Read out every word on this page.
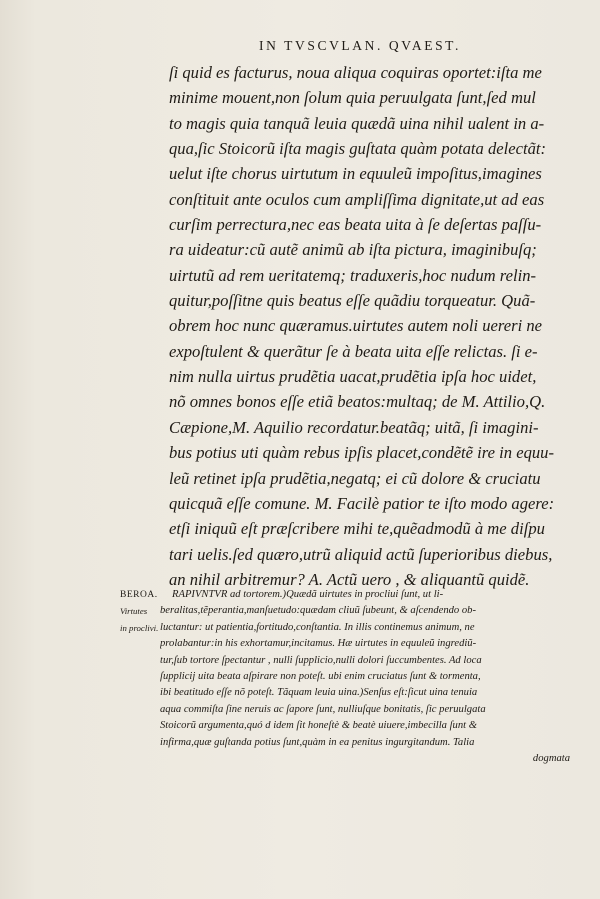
IN TVSCVLAN. QVAEST.
ſi quid es facturus, noua aliqua coquiras oportet:iſta me
minime mouent,non ſolum quia peruulgata ſunt,ſed mul
to magis quia tanquã leuia quædã uina nihil ualent in a-
qua,ſic Stoicorũ iſta magis guſtata quàm potata delectãt:
uelut iſte chorus uirtutum in equuleũ impoſitus,imagines
conſtituit ante oculos cum ampliſſima dignitate,ut ad eas
curſim perrectura,nec eas beata uita à ſe deſertas paſſu-
ra uideatur:cũ autẽ animũ ab iſta pictura, imaginibuſq;
uirtutũ ad rem ueritatemq; traduxeris,hoc nudum relin-
quitur,poſſitne quis beatus eſſe quãdiu torqueatur. Quã-
obrem hoc nunc quæramus.uirtutes autem noli uereri ne
expoſtulent & querãtur ſe à beata uita eſſe relictas. ſi e-
nim nulla uirtus prudẽtia uacat,prudẽtia ipſa hoc uidet,
nõ omnes bonos eſſe etiã beatos:multaq; de M. Attilio,Q.
Cæpione,M. Aquilio recordatur.beatãq; uitã, ſi imagini-
bus potius uti quàm rebus ipſis placet,condẽtẽ ire in equu-
leũ retinet ipſa prudẽtia,negatq; ei cũ dolore & cruciatu
quicquã eſſe comune. M. Facilè patior te iſto modo agere:
etſi iniquũ eſt præſcribere mihi te,quẽadmodũ à me diſpu
tari uelis.ſed quæro,utrũ aliquid actũ ſuperioribus diebus,
an nihil arbitremur? A. Actũ uero , & aliquantũ quidẽ.
BEROA.
Virtutes
in proclivi.
RAPIVNTVR ad tortorem.)Quædã uirtutes in procliui ſunt, ut li-
beralitas,tẽperantia,manſuetudo:quædam cliuũ ſubeunt, & aſcendendo ob-
luctantur: ut patientia,fortitudo,conſtantia. In illis continemus animum, ne
prolabantur:in his exhortamur,incitamus. Hæ uirtutes in equuleũ ingrediũ-
tur,ſub tortore ſpectantur , nulli ſupplicio,nulli dolori ſuccumbentes. Ad loca
ſupplicij uita beata aſpirare non poteſt. ubi enim cruciatus ſunt & tormenta,
ibi beatitudo eſſe nõ poteſt. Tãquam leuia uina.)Senſus eſt:ſicut uina tenuia
aqua commiſta ſine neruis ac ſapore ſunt, nulliuſque bonitatis, ſic peruulgata
Stoicorũ argumenta,quó d idem ſit honeſtè & beatè uiuere,imbecilla ſunt &
infirma,quæ guſtanda potius ſunt,quàm in ea penitus ingurgitandum. Talia
dogmata
